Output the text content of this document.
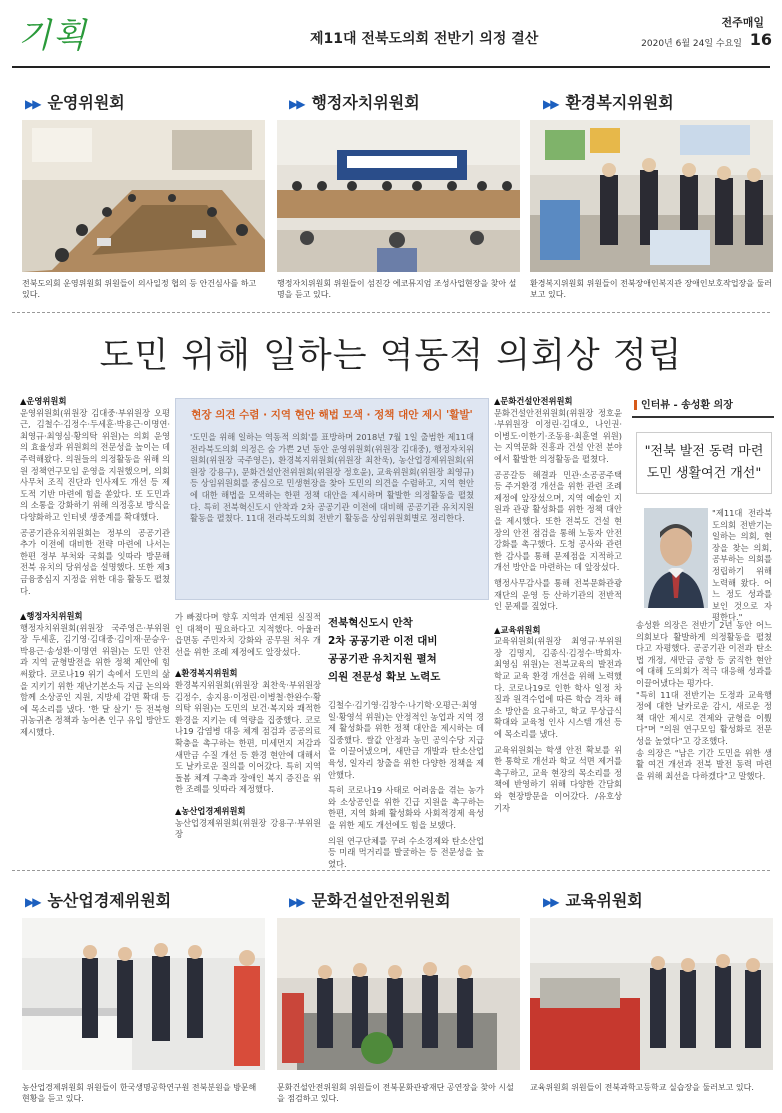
기획	제11대 전북도의회 전반기 의정 결산
전주매일
2020년 6월 24일 수요일 16
▶▶ 운영위원회	▶▶ 행정자치위원회	▶▶ 환경복지위원회
전북도의회 운영위원회 위원들이 의사일정 협의 등 안건심사를 하고 있다.
행정자치위원회 위원들이 섬진강 에코뮤지엄 조성사업현장을 찾아 설명을 듣고 있다.
환경복지위원회 위원들이 전북장애인복지관 장애인보호작업장을 둘러보고 있다.
도민 위해 일하는 역동적 의회상 정립
▲운영위원회
운영위원회(위원장 김대중·부위원장 오평근, 김철수·김정수·두세훈·박용근·이명연·최영규·최영심·황의탁 위원)는 의회 운영의 효율성과 위원회의 전문성을 높이는 데 주력해왔다. 의원들의 의정활동을 위해 의원 정책연구모임 운영을 지원했으며, 의회사무처 조직 진단과 인사제도 개선 등 제도적 기반 마련에 힘을 쏟았다. 또 도민과의 소통을 강화하기 위해 의정홍보 방식을 다양화하고 인터넷 생중계를 확대했다.
공공기관유치위원회는 정부의 공공기관 추가 이전에 대비한 전략 마련에 나서는 한편 정부 부처와 국회를 잇따라 방문해 전북 유치의 당위성을 설명했다. 또한 제3금융중심지 지정을 위한 대응 활동도 펼쳤다.
▲행정자치위원회
행정자치위원회(위원장 국주영은·부위원장 두세훈, 김기영·김대중·김이재·문승우·박용근·송성환·이명연 위원)는 도민 안전과 지역 균형발전을 위한 정책 제안에 힘써왔다. 코로나19 위기 속에서 도민의 삶을 지키기 위한 재난기본소득 지급 논의와 함께 소상공인 지원, 지방세 감면 확대 등에 목소리를 냈다. '한 달 살기' 등 전북형 귀농귀촌 정책과 농어촌 인구 유입 방안도 제시했다.
현장 의견 수렴 · 지역 현안 해법 모색 · 정책 대안 제시 '활발'
'도민을 위해 일하는 역동적 의회'를 표방하며 2018년 7월 1일 출범한 제11대 전라북도의회 의정은 숨 가쁜 2년 동안 운영위원회(위원장 김대중), 행정자치위원회(위원장 국주영은), 환경복지위원회(위원장 최찬욱), 농산업경제위원회(위원장 강용구), 문화건설안전위원회(위원장 정호윤), 교육위원회(위원장 최영규) 등 상임위원회를 중심으로 민생현장을 찾아 도민의 의견을 수렴하고, 지역 현안에 대한 해법을 모색하는 한편 정책 대안을 제시하며 활발한 의정활동을 펼쳤다. 특히 전북혁신도시 안착과 2차 공공기관 이전에 대비해 공공기관 유치지원 활동을 펼쳤다. 11대 전라북도의회 전반기 활동을 상임위원회별로 정리한다.
가 빠졌다며 향후 지역과 연계된 실질적인 대책이 필요하다고 지적했다. 아울러 읍면동 주민자치 강화와 공무원 처우 개선을 위한 조례 제정에도 앞장섰다.
▲환경복지위원회
환경복지위원회(위원장 최찬욱·부위원장 김정수, 송지용·이정린·이병철·한완수·황의탁 위원)는 도민의 보건·복지와 쾌적한 환경을 지키는 데 역량을 집중했다. 코로나19 감염병 대응 체계 점검과 공공의료 확충을 촉구하는 한편, 미세먼지 저감과 새만금 수질 개선 등 환경 현안에 대해서도 날카로운 질의를 이어갔다. 특히 지역 돌봄 체계 구축과 장애인 복지 증진을 위한 조례를 잇따라 제정했다.
▲농산업경제위원회
농산업경제위원회(위원장 강용구·부위원장
전북혁신도시 안착
2차 공공기관 이전 대비
공공기관 유치지원 펼쳐
의원 전문성 확보 노력도
김철수·김기영·김창수·나기학·오평근·최영일·황영석 위원)는 안정적인 농업과 지역 경제 활성화를 위한 정책 대안을 제시하는 데 집중했다. 쌀값 안정과 농민 공익수당 지급을 이끌어냈으며, 새만금 개발과 탄소산업 육성, 일자리 창출을 위한 다양한 정책을 제안했다.
특히 코로나19 사태로 어려움을 겪는 농가와 소상공인을 위한 긴급 지원을 촉구하는 한편, 지역 화폐 활성화와 사회적경제 육성을 위한 제도 개선에도 힘을 보탰다.
의원 연구단체를 꾸려 수소경제와 탄소산업 등 미래 먹거리를 발굴하는 등 전문성을 높였다.
▲문화건설안전위원회
문화건설안전위원회(위원장 정호윤·부위원장 이정린·김대오, 나인권·이병도·이한기·조동용·최훈열 위원)는 지역문화 진흥과 건설 안전 분야에서 활발한 의정활동을 펼쳤다.
공공갈등 해결과 민관·소공공주택 등 주거환경 개선을 위한 관련 조례 제정에 앞장섰으며, 지역 예술인 지원과 관광 활성화를 위한 정책 대안을 제시했다. 또한 전북도 건설 현장의 안전 점검을 통해 노동자 안전 강화를 촉구했다. 도청 공사와 관련한 감사를 통해 문제점을 지적하고 개선 방안을 마련하는 데 앞장섰다.
행정사무감사를 통해 전북문화관광재단의 운영 등 산하기관의 전반적인 문제를 짚었다.
▲교육위원회
교육위원회(위원장 최영규·부위원장 김명지, 김종식·김정수·박희자·최영심 위원)는 전북교육의 발전과 학교 교육 환경 개선을 위해 노력했다. 코로나19로 인한 학사 일정 차질과 원격수업에 따른 학습 격차 해소 방안을 요구하고, 학교 무상급식 확대와 교육청 인사 시스템 개선 등에 목소리를 냈다.
교육위원회는 학생 안전 확보를 위한 통학로 개선과 학교 석면 제거를 촉구하고, 교육 현장의 목소리를 정책에 반영하기 위해 다양한 간담회와 현장방문을 이어갔다. /유호상 기자
인터뷰 - 송성환 의장
"전북 발전 동력 마련 도민 생활여건 개선"
"제11대 전라북도의회 전반기는 일하는 의회, 현장을 찾는 의회, 공부하는 의회를 정립하기 위해 노력해 왔다. 어느 정도 성과를 보인 것으로 자평한다."
송성환 의장은 전반기 2년 동안 어느 의회보다 활발하게 의정활동을 펼쳤다고 자평했다. 공공기관 이전과 탄소법 개정, 새만금 공항 등 굵직한 현안에 대해 도의회가 적극 대응해 성과를 이끌어냈다는 평가다.
"특히 11대 전반기는 도정과 교육행정에 대한 날카로운 감시, 새로운 정책 대안 제시로 견제와 균형을 이뤘다"며 "의원 연구모임 활성화로 전문성을 높였다"고 강조했다.
송 의장은 "남은 기간 도민을 위한 생활 여건 개선과 전북 발전 동력 마련을 위해 최선을 다하겠다"고 말했다.
▶▶ 농산업경제위원회	▶▶ 문화건설안전위원회	▶▶ 교육위원회
농산업경제위원회 위원들이 한국생명공학연구원 전북분원을 방문해 현황을 듣고 있다.
문화건설안전위원회 위원들이 전북문화관광재단 공연장을 찾아 시설을 점검하고 있다.
교육위원회 위원들이 전북과학고등학교 실습장을 둘러보고 있다.
